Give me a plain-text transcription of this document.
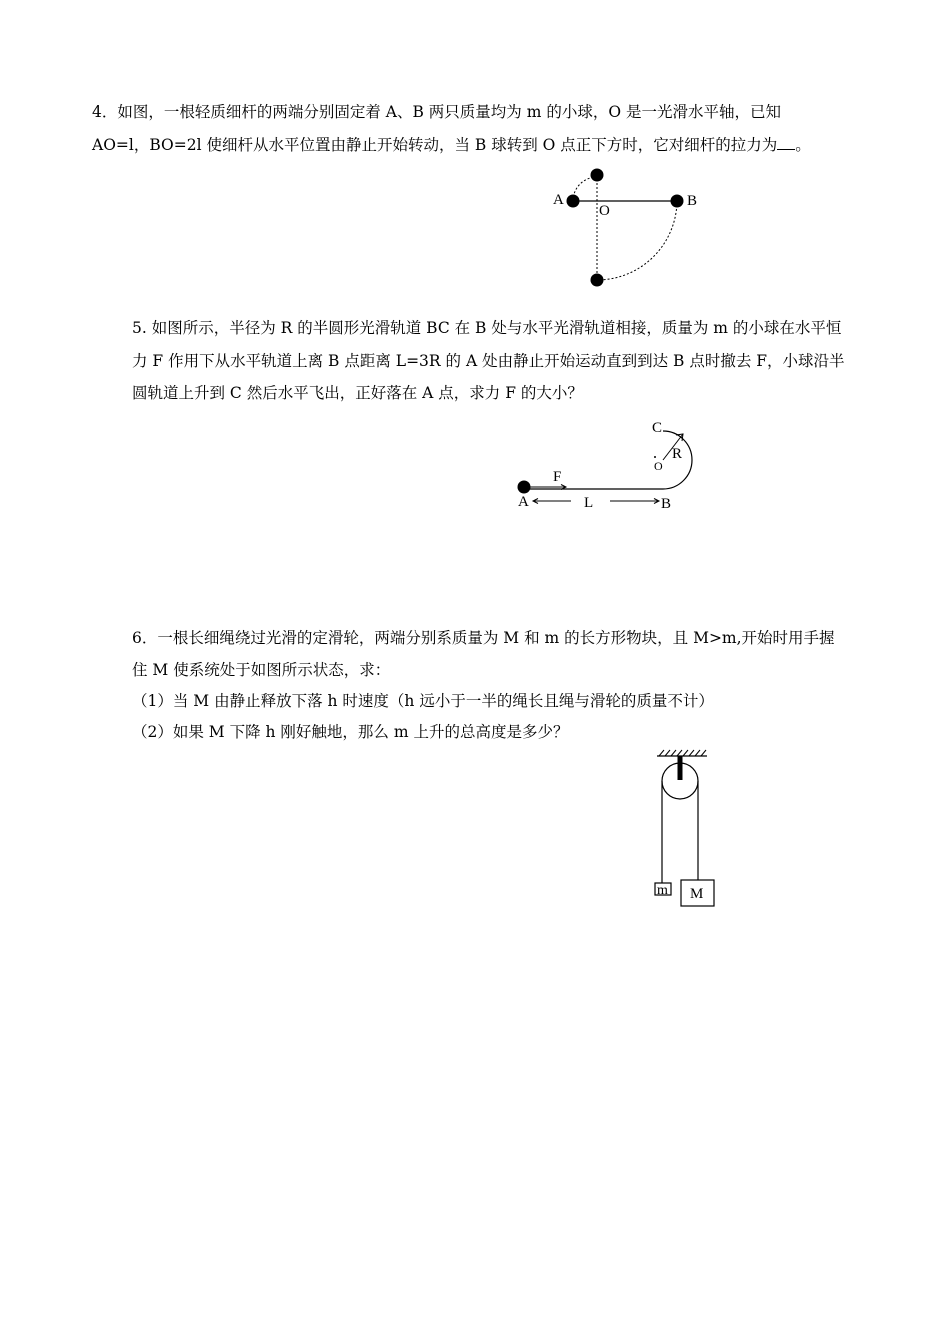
4．如图，一根轻质细杆的两端分别固定着 A、B 两只质量均为 m 的小球，O 是一光滑水平轴，已知
AO=l，BO=2l 使细杆从水平位置由静止开始转动，当 B 球转到 O 点正下方时，它对细杆的拉力为 。
A	B
O
5. 如图所示，半径为 R 的半圆形光滑轨道 BC 在 B 处与水平光滑轨道相接，质量为 m 的小球在水平恒
力 F 作用下从水平轨道上离 B 点距离 L=3R 的 A 处由静止开始运动直到到达 B 点时撤去 F，小球沿半
圆轨道上升到 C 然后水平飞出，正好落在 A 点，求力 F 的大小？
C
R
O
F
A	L	B
6．一根长细绳绕过光滑的定滑轮，两端分别系质量为 M 和 m 的长方形物块，且 M>m,开始时用手握
住 M 使系统处于如图所示状态，求：
（1）当 M 由静止释放下落 h 时速度（h 远小于一半的绳长且绳与滑轮的质量不计）
（2）如果 M 下降 h 刚好触地，那么 m 上升的总高度是多少？
m M
